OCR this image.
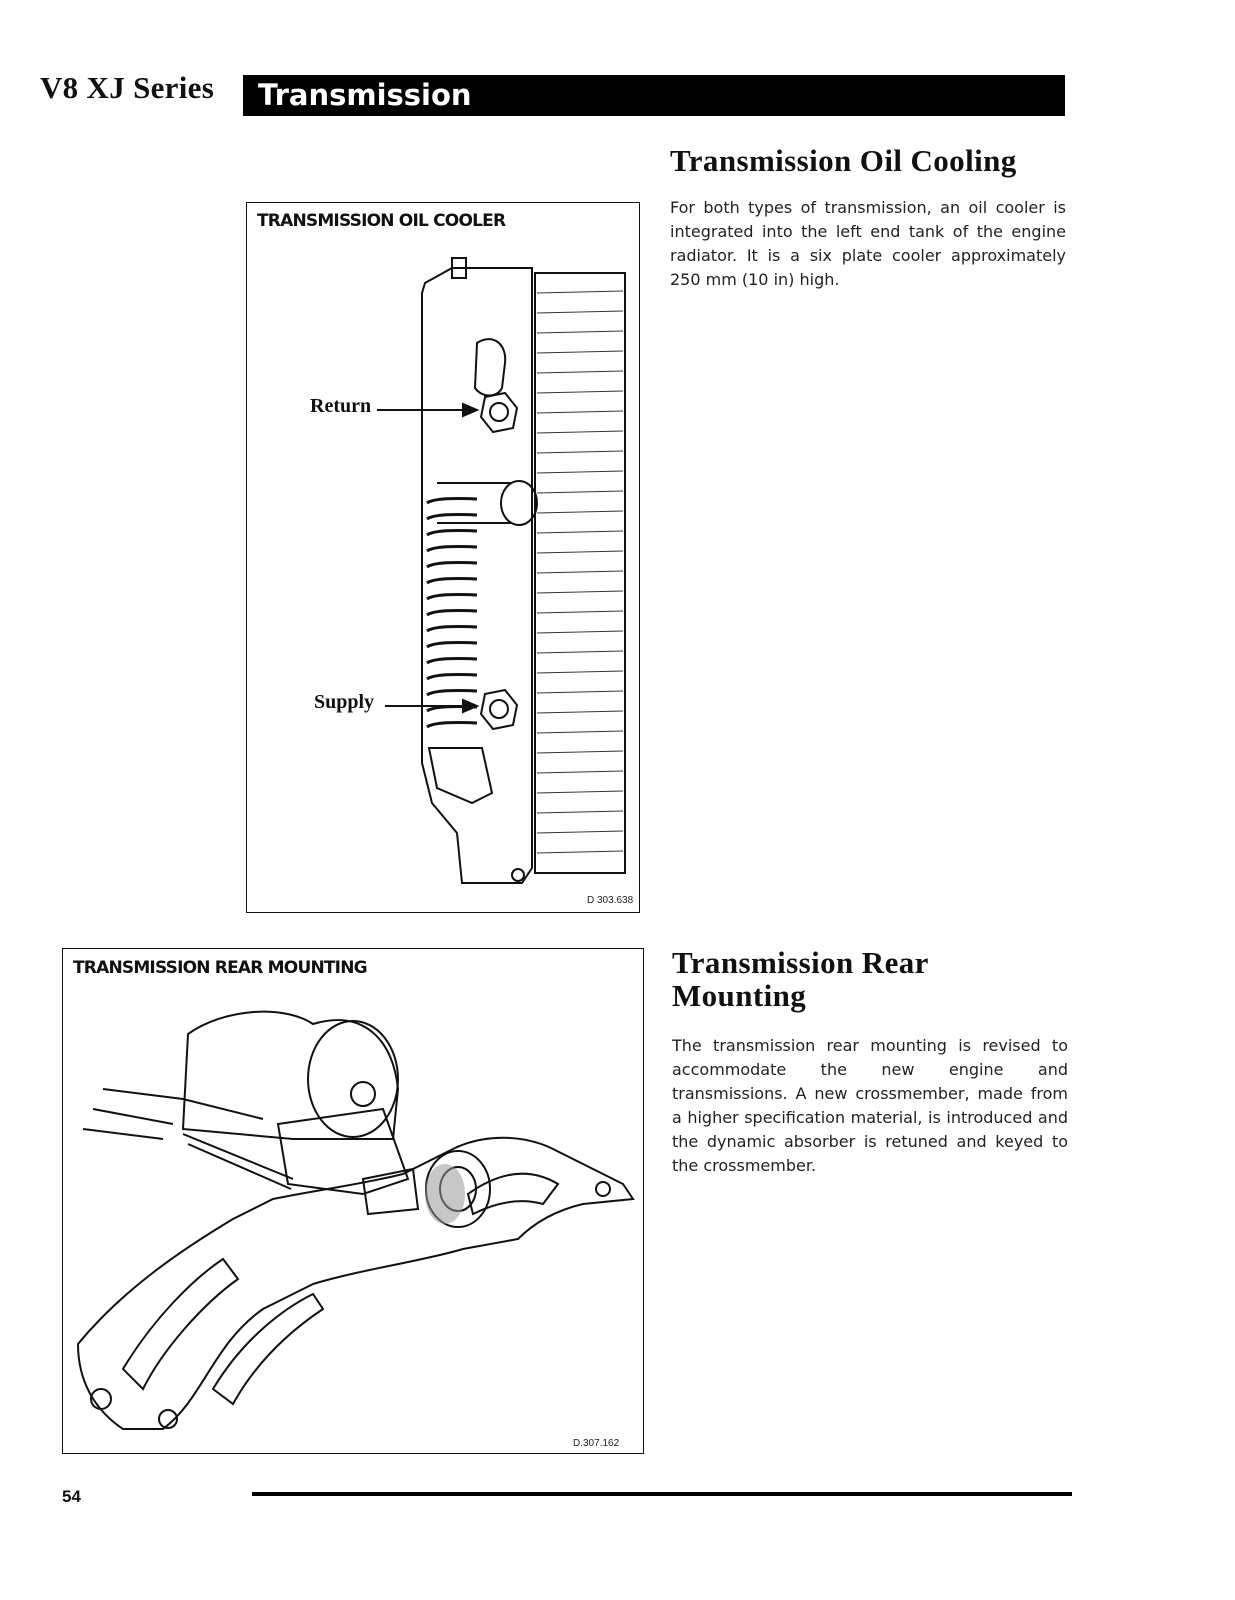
V8 XJ Series Transmission
Transmission Oil Cooling
For both types of transmission, an oil cooler is integrated into the left end tank of the engine radiator. It is a six plate cooler approximately 250 mm (10 in) high.
TRANSMISSION OIL COOLER
Return
Supply
D 303.638
TRANSMISSION REAR MOUNTING
D.307.162
Transmission Rear
Mounting
The transmission rear mounting is revised to accommodate the new engine and transmissions. A new crossmember, made from a higher specification material, is introduced and the dynamic absorber is retuned and keyed to the crossmember.
54
